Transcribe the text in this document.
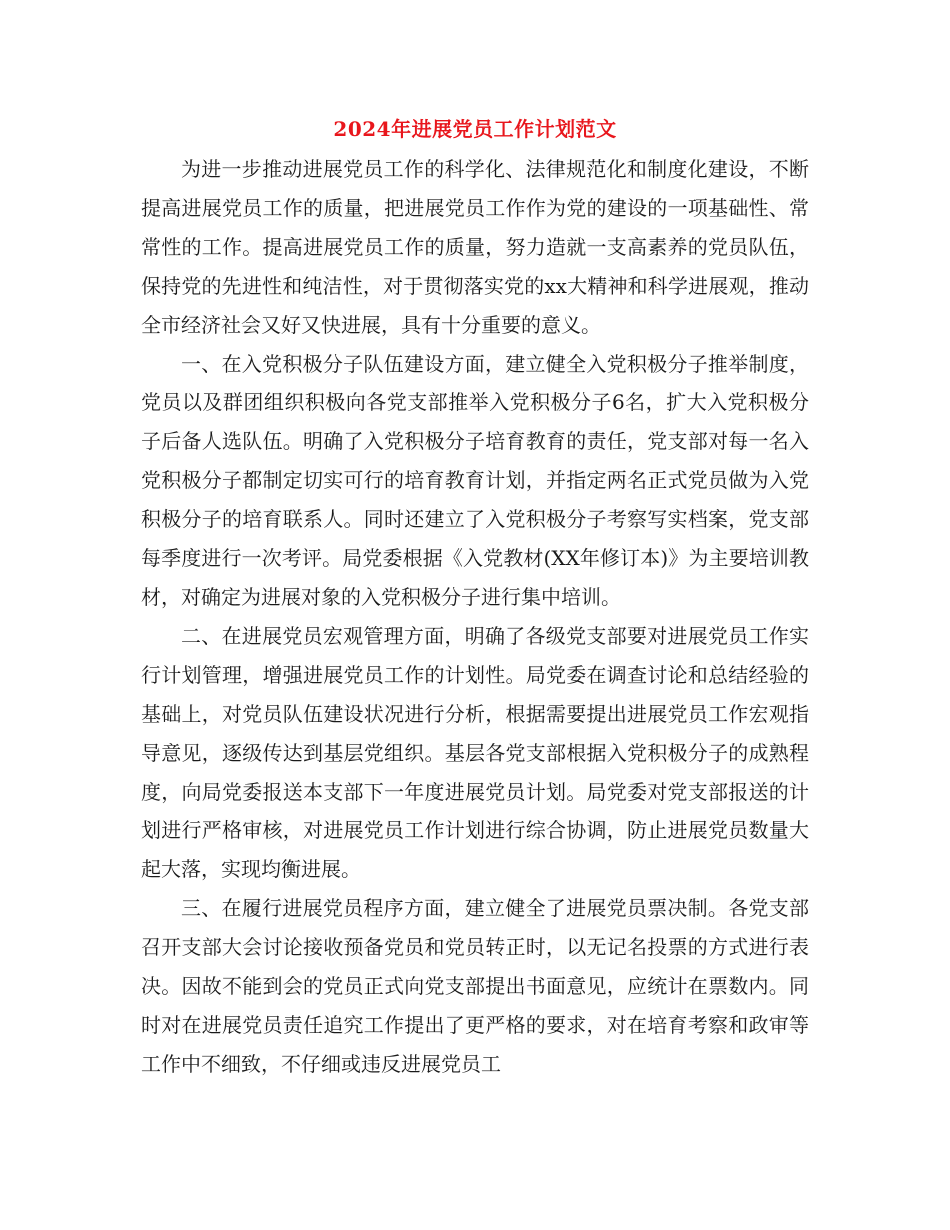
2024年进展党员工作计划范文

为进一步推动进展党员工作的科学化、法律规范化和制度化建设，不断提高进展党员工作的质量，把进展党员工作作为党的建设的一项基础性、常常性的工作。提高进展党员工作的质量，努力造就一支高素养的党员队伍，保持党的先进性和纯洁性，对于贯彻落实党的xx大精神和科学进展观，推动全市经济社会又好又快进展，具有十分重要的意义。

一、在入党积极分子队伍建设方面，建立健全入党积极分子推举制度，党员以及群团组织积极向各党支部推举入党积极分子6名，扩大入党积极分子后备人选队伍。明确了入党积极分子培育教育的责任，党支部对每一名入党积极分子都制定切实可行的培育教育计划，并指定两名正式党员做为入党积极分子的培育联系人。同时还建立了入党积极分子考察写实档案，党支部每季度进行一次考评。局党委根据《入党教材(XX年修订本)》为主要培训教材，对确定为进展对象的入党积极分子进行集中培训。

二、在进展党员宏观管理方面，明确了各级党支部要对进展党员工作实行计划管理，增强进展党员工作的计划性。局党委在调查讨论和总结经验的基础上，对党员队伍建设状况进行分析，根据需要提出进展党员工作宏观指导意见，逐级传达到基层党组织。基层各党支部根据入党积极分子的成熟程度，向局党委报送本支部下一年度进展党员计划。局党委对党支部报送的计划进行严格审核，对进展党员工作计划进行综合协调，防止进展党员数量大起大落，实现均衡进展。

三、在履行进展党员程序方面，建立健全了进展党员票决制。各党支部召开支部大会讨论接收预备党员和党员转正时，以无记名投票的方式进行表决。因故不能到会的党员正式向党支部提出书面意见，应统计在票数内。同时对在进展党员责任追究工作提出了更严格的要求，对在培育考察和政审等工作中不细致，不仔细或违反进展党员工
